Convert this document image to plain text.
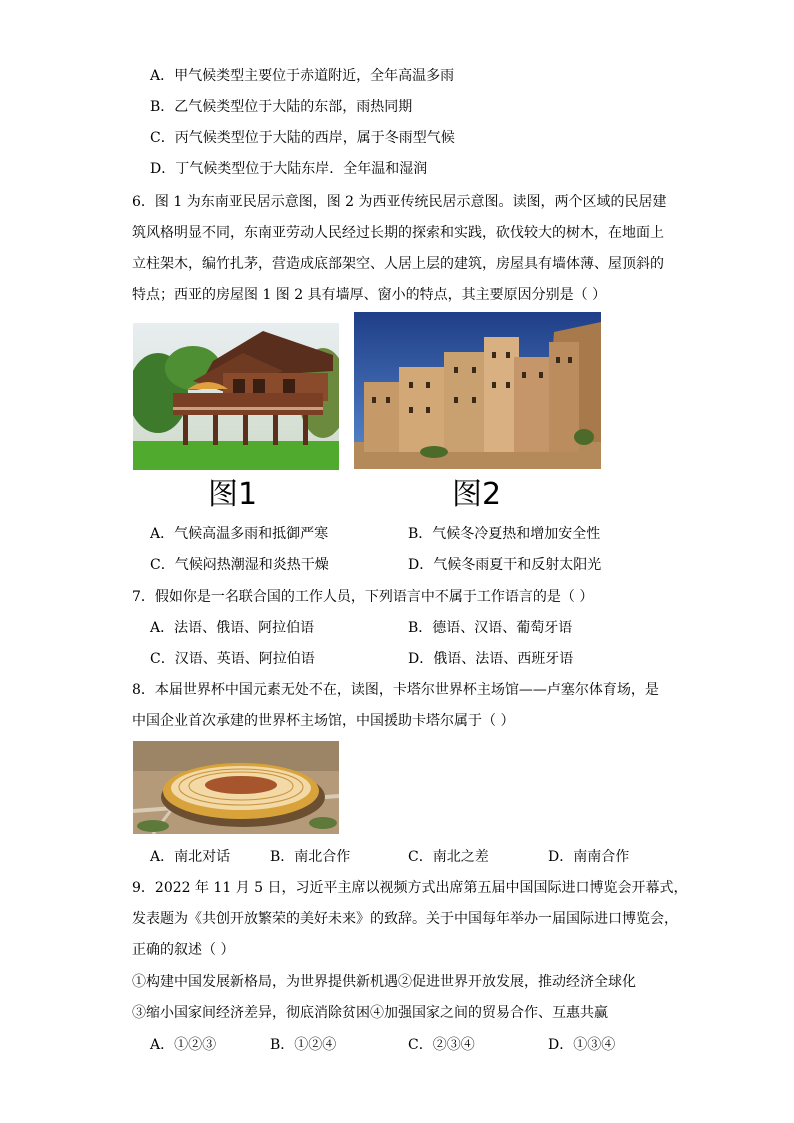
A．甲气候类型主要位于赤道附近，全年高温多雨
B．乙气候类型位于大陆的东部，雨热同期
C．丙气候类型位于大陆的西岸，属于冬雨型气候
D．丁气候类型位于大陆东岸．全年温和湿润
6．图 1 为东南亚民居示意图，图 2 为西亚传统民居示意图。读图，两个区域的民居建
筑风格明显不同，东南亚劳动人民经过长期的探索和实践，砍伐较大的树木，在地面上
立柱架木，编竹扎茅，营造成底部架空、人居上层的建筑，房屋具有墙体薄、屋顶斜的
特点；西亚的房屋图 1 图 2 具有墙厚、窗小的特点，其主要原因分别是（ ）
图1	图2
A．气候高温多雨和抵御严寒	B．气候冬冷夏热和增加安全性
C．气候闷热潮湿和炎热干燥	D．气候冬雨夏干和反射太阳光
7．假如你是一名联合国的工作人员，下列语言中不属于工作语言的是（ ）
A．法语、俄语、阿拉伯语	B．德语、汉语、葡萄牙语
C．汉语、英语、阿拉伯语	D．俄语、法语、西班牙语
8．本届世界杯中国元素无处不在，读图，卡塔尔世界杯主场馆——卢塞尔体育场，是
中国企业首次承建的世界杯主场馆，中国援助卡塔尔属于（ ）
A．南北对话	B．南北合作	C．南北之差	D．南南合作
9．2022 年 11 月 5 日，习近平主席以视频方式出席第五届中国国际进口博览会开幕式，
发表题为《共创开放繁荣的美好未来》的致辞。关于中国每年举办一届国际进口博览会，
正确的叙述（ ）
①构建中国发展新格局，为世界提供新机遇②促进世界开放发展，推动经济全球化
③缩小国家间经济差异，彻底消除贫困④加强国家之间的贸易合作、互惠共赢
A．①②③	B．①②④	C．②③④	D．①③④
